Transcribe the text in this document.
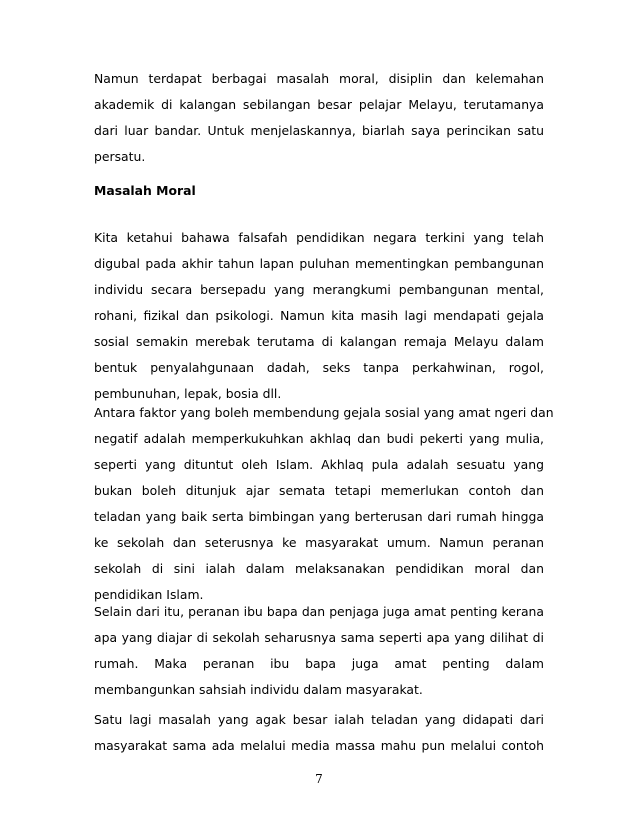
Namun terdapat berbagai masalah moral, disiplin dan kelemahan
akademik di kalangan sebilangan besar pelajar Melayu, terutamanya
dari luar bandar. Untuk menjelaskannya, biarlah saya perincikan satu
persatu.
Masalah Moral
Kita ketahui bahawa falsafah pendidikan negara terkini yang telah
digubal pada akhir tahun lapan puluhan mementingkan pembangunan
individu secara bersepadu yang merangkumi pembangunan mental,
rohani, fizikal dan psikologi. Namun kita masih lagi mendapati gejala
sosial semakin merebak terutama di kalangan remaja Melayu dalam
bentuk penyalahgunaan dadah, seks tanpa perkahwinan, rogol,
pembunuhan, lepak, bosia dll.
Antara faktor yang boleh membendung gejala sosial yang amat ngeri dan
negatif adalah memperkukuhkan akhlaq dan budi pekerti yang mulia,
seperti yang dituntut oleh Islam. Akhlaq pula adalah sesuatu yang
bukan boleh ditunjuk ajar semata tetapi memerlukan contoh dan
teladan yang baik serta bimbingan yang berterusan dari rumah hingga
ke sekolah dan seterusnya ke masyarakat umum. Namun peranan
sekolah di sini ialah dalam melaksanakan pendidikan moral dan
pendidikan Islam.
Selain dari itu, peranan ibu bapa dan penjaga juga amat penting kerana
apa yang diajar di sekolah seharusnya sama seperti apa yang dilihat di
rumah. Maka peranan ibu bapa juga amat penting dalam
membangunkan sahsiah individu dalam masyarakat.
Satu lagi masalah yang agak besar ialah teladan yang didapati dari
masyarakat sama ada melalui media massa mahu pun melalui contoh
7
